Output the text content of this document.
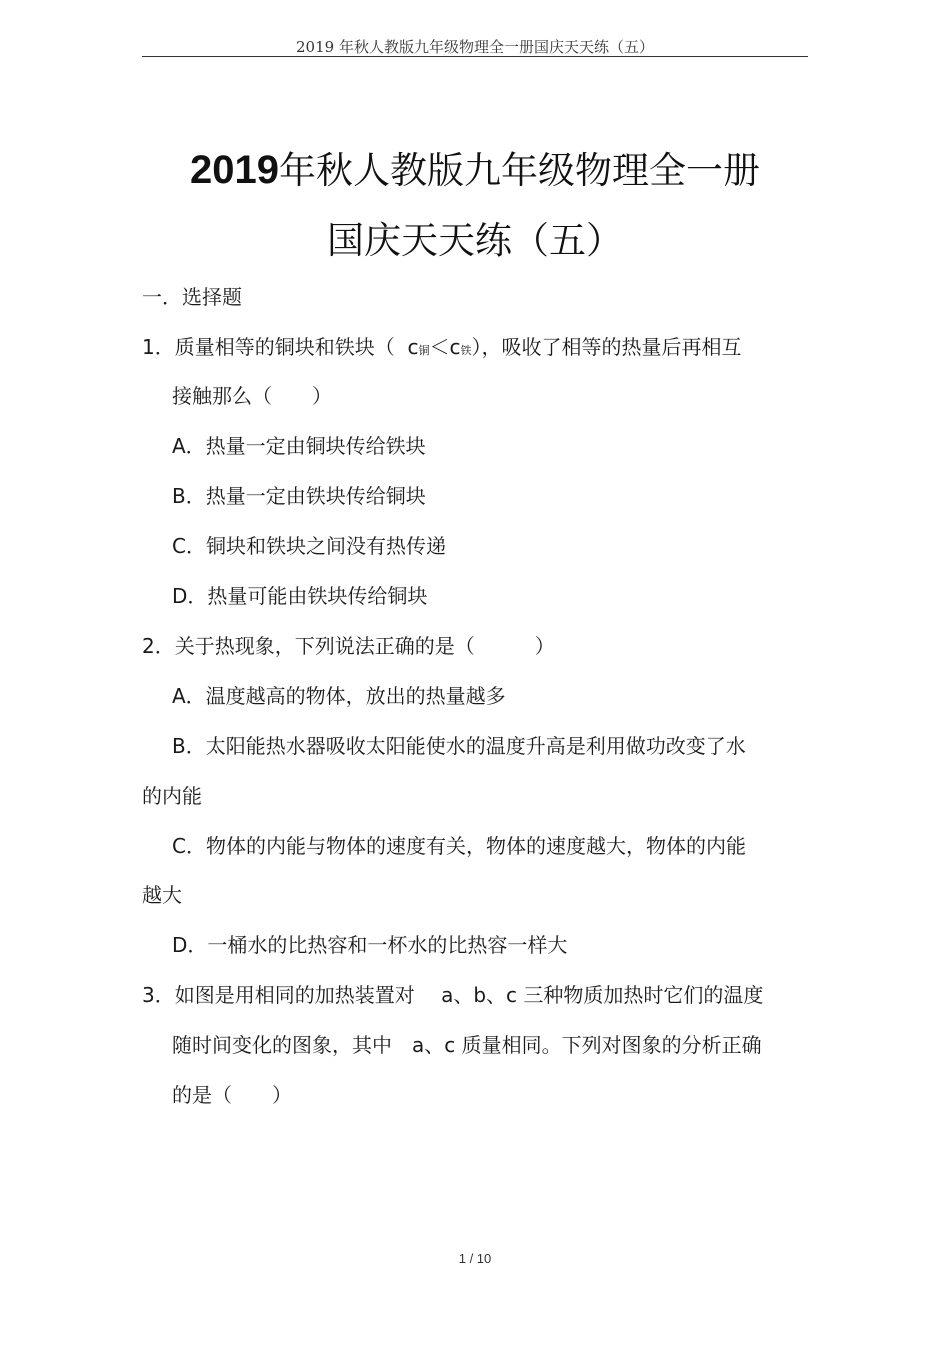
2019 年秋人教版九年级物理全一册国庆天天练（五）
2019年秋人教版九年级物理全一册
国庆天天练（五）
一．选择题
1．质量相等的铜块和铁块（ c铜＜c铁），吸收了相等的热量后再相互
接触那么（　　）
A．热量一定由铜块传给铁块
B．热量一定由铁块传给铜块
C．铜块和铁块之间没有热传递
D．热量可能由铁块传给铜块
2．关于热现象，下列说法正确的是（　　　）
A．温度越高的物体，放出的热量越多
B．太阳能热水器吸收太阳能使水的温度升高是利用做功改变了水
的内能
C．物体的内能与物体的速度有关，物体的速度越大，物体的内能
越大
D．一桶水的比热容和一杯水的比热容一样大
3．如图是用相同的加热装置对　 a、b、c 三种物质加热时它们的温度
随时间变化的图象，其中　a、c 质量相同。下列对图象的分析正确
的是（　　）
1 / 10
